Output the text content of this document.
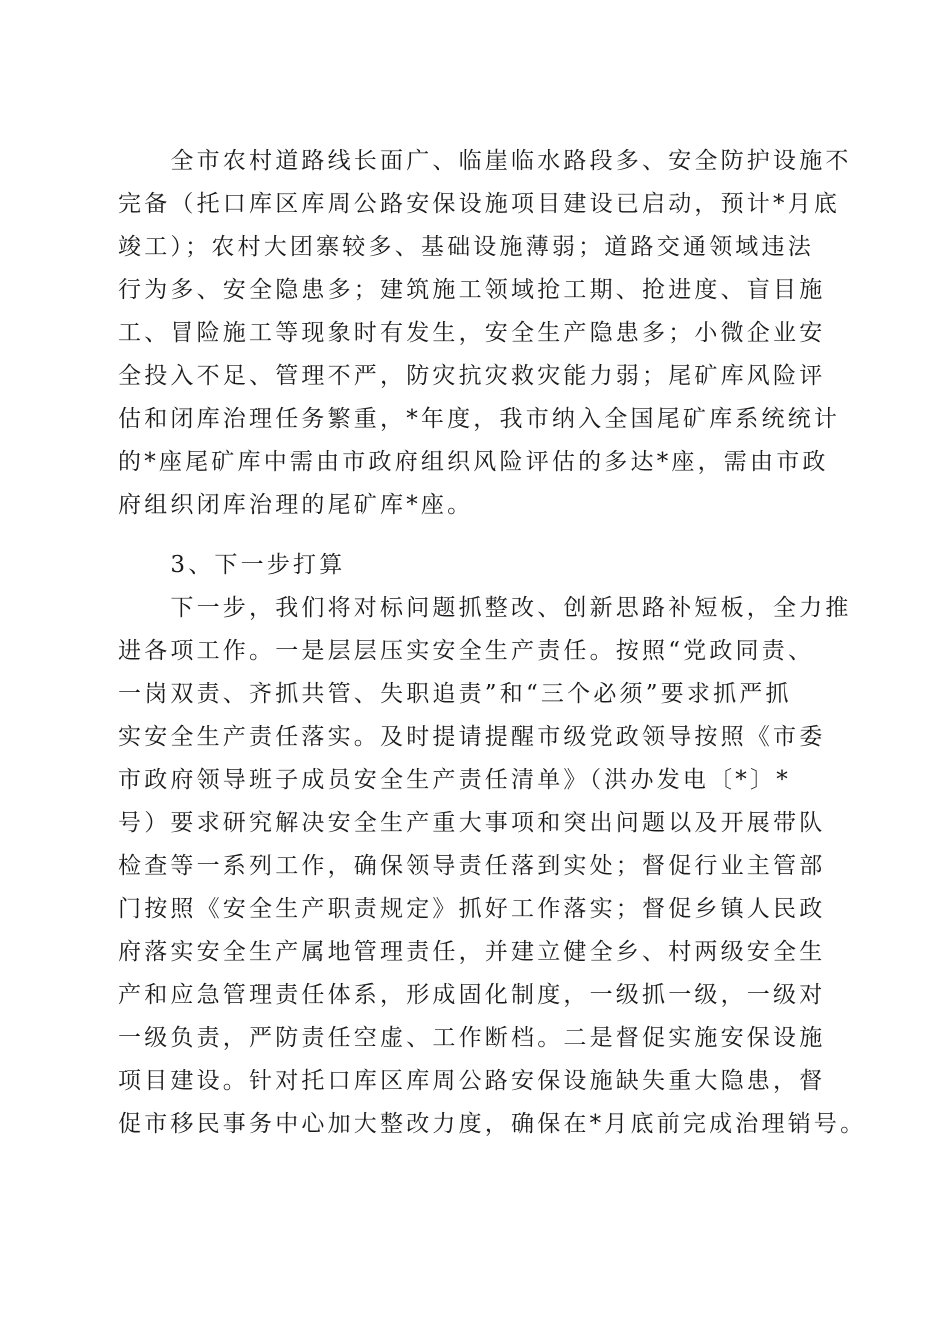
　　全市农村道路线长面广、临崖临水路段多、安全防护设施不
完备（托口库区库周公路安保设施项目建设已启动，预计*月底
竣工）；农村大团寨较多、基础设施薄弱；道路交通领域违法
行为多、安全隐患多；建筑施工领域抢工期、抢进度、盲目施
工、冒险施工等现象时有发生，安全生产隐患多；小微企业安
全投入不足、管理不严，防灾抗灾救灾能力弱；尾矿库风险评
估和闭库治理任务繁重，*年度，我市纳入全国尾矿库系统统计
的*座尾矿库中需由市政府组织风险评估的多达*座，需由市政
府组织闭库治理的尾矿库*座。
　　3、下一步打算
　　下一步，我们将对标问题抓整改、创新思路补短板，全力推
进各项工作。一是层层压实安全生产责任。按照“党政同责、
一岗双责、齐抓共管、失职追责”和“三个必须”要求抓严抓
实安全生产责任落实。及时提请提醒市级党政领导按照《市委
市政府领导班子成员安全生产责任清单》（洪办发电〔*〕*
号）要求研究解决安全生产重大事项和突出问题以及开展带队
检查等一系列工作，确保领导责任落到实处；督促行业主管部
门按照《安全生产职责规定》抓好工作落实；督促乡镇人民政
府落实安全生产属地管理责任，并建立健全乡、村两级安全生
产和应急管理责任体系，形成固化制度，一级抓一级，一级对
一级负责，严防责任空虚、工作断档。二是督促实施安保设施
项目建设。针对托口库区库周公路安保设施缺失重大隐患，督
促市移民事务中心加大整改力度，确保在*月底前完成治理销号。
